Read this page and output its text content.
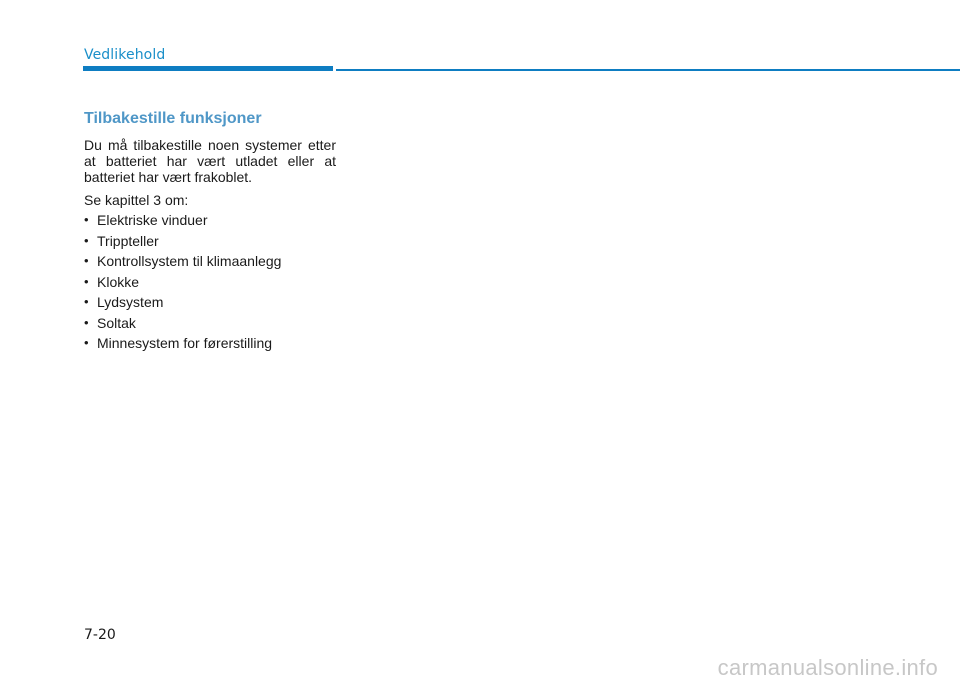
Vedlikehold
Tilbakestille funksjoner
Du må tilbakestille noen systemer etter at batteriet har vært utladet eller at batteriet har vært frakoblet.
Se kapittel 3 om:
• Elektriske vinduer
• Trippteller
• Kontrollsystem til klimaanlegg
• Klokke
• Lydsystem
• Soltak
• Minnesystem for førerstilling
7-20
carmanualsonline.info
